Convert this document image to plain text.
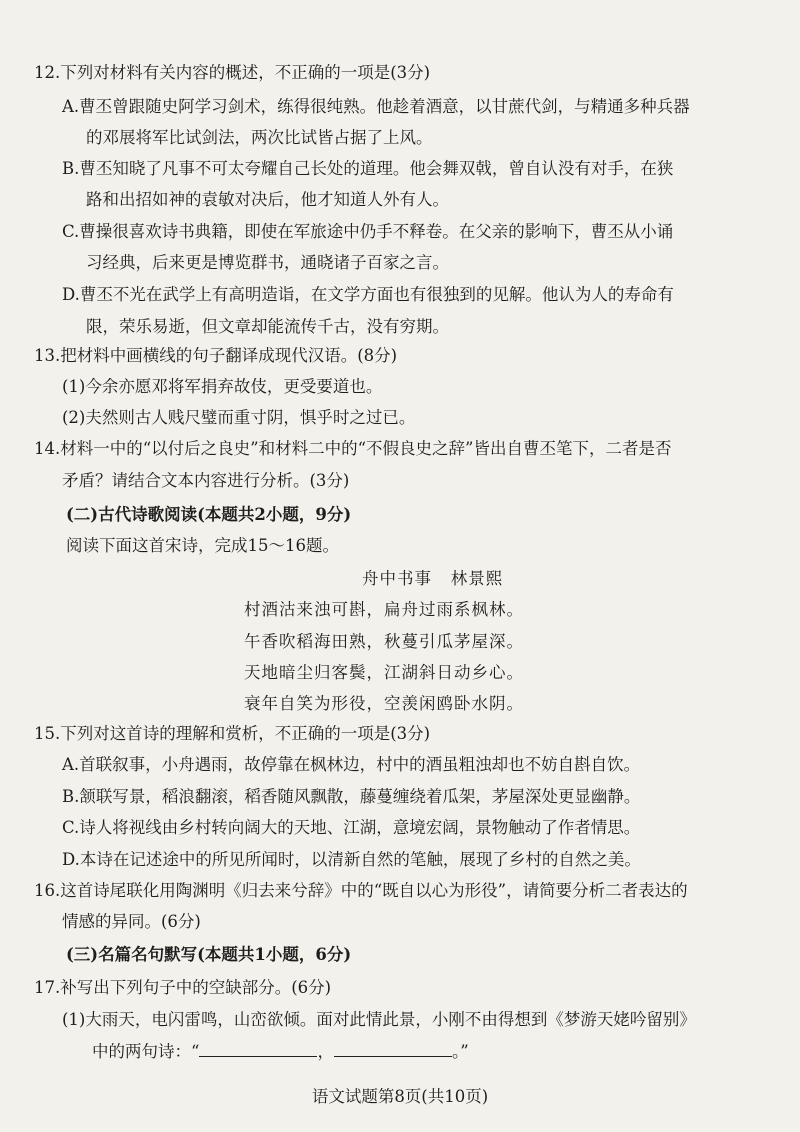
12.下列对材料有关内容的概述，不正确的一项是(3分)
A.曹丕曾跟随史阿学习剑术，练得很纯熟。他趁着酒意，以甘蔗代剑，与精通多种兵器
的邓展将军比试剑法，两次比试皆占据了上风。
B.曹丕知晓了凡事不可太夸耀自己长处的道理。他会舞双戟，曾自认没有对手，在狭
路和出招如神的袁敏对决后，他才知道人外有人。
C.曹操很喜欢诗书典籍，即使在军旅途中仍手不释卷。在父亲的影响下，曹丕从小诵
习经典，后来更是博览群书，通晓诸子百家之言。
D.曹丕不光在武学上有高明造诣，在文学方面也有很独到的见解。他认为人的寿命有
限，荣乐易逝，但文章却能流传千古，没有穷期。
13.把材料中画横线的句子翻译成现代汉语。(8分)
(1)今余亦愿邓将军捐弃故伎，更受要道也。
(2)夫然则古人贱尺璧而重寸阴，惧乎时之过已。
14.材料一中的“以付后之良史”和材料二中的“不假良史之辞”皆出自曹丕笔下，二者是否
矛盾？请结合文本内容进行分析。(3分)
(二)古代诗歌阅读(本题共2小题，9分)
阅读下面这首宋诗，完成15～16题。
舟中书事 林景熙
村酒沽来浊可斟，扁舟过雨系枫林。
午香吹稻海田熟，秋蔓引瓜茅屋深。
天地暗尘归客鬓，江湖斜日动乡心。
衰年自笑为形役，空羡闲鸥卧水阴。
15.下列对这首诗的理解和赏析，不正确的一项是(3分)
A.首联叙事，小舟遇雨，故停靠在枫林边，村中的酒虽粗浊却也不妨自斟自饮。
B.颔联写景，稻浪翻滚，稻香随风飘散，藤蔓缠绕着瓜架，茅屋深处更显幽静。
C.诗人将视线由乡村转向阔大的天地、江湖，意境宏阔，景物触动了作者情思。
D.本诗在记述途中的所见所闻时，以清新自然的笔触，展现了乡村的自然之美。
16.这首诗尾联化用陶渊明《归去来兮辞》中的“既自以心为形役”，请简要分析二者表达的
情感的异同。(6分)
(三)名篇名句默写(本题共1小题，6分)
17.补写出下列句子中的空缺部分。(6分)
(1)大雨天，电闪雷鸣，山峦欲倾。面对此情此景，小刚不由得想到《梦游天姥吟留别》
中的两句诗：“	，	。”
语文试题第8页(共10页)
